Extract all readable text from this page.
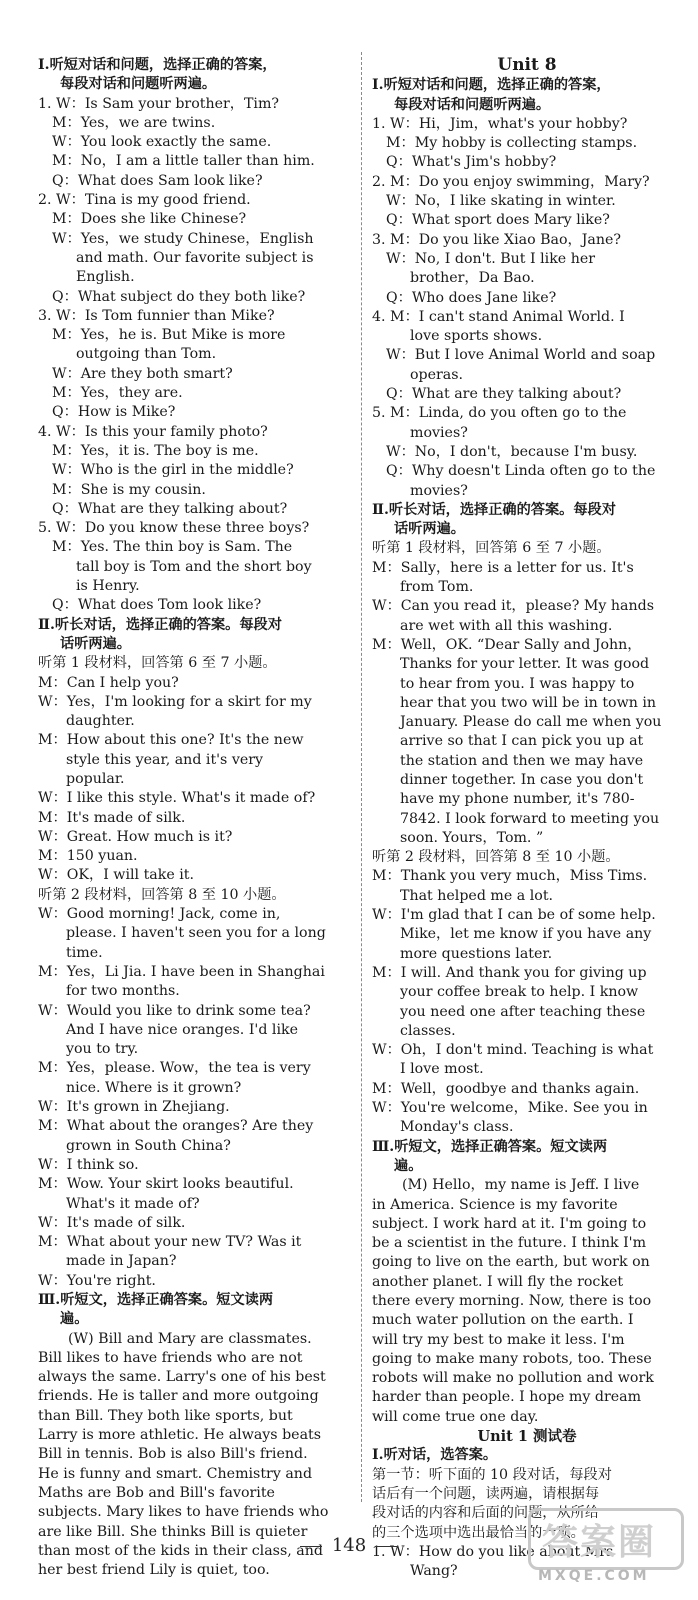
Ⅰ.听短对话和问题，选择正确的答案，
每段对话和问题听两遍。
1. W：Is Sam your brother，Tim?
M：Yes，we are twins.
W：You look exactly the same.
M：No，I am a little taller than him.
Q：What does Sam look like?
2. W：Tina is my good friend.
M：Does she like Chinese?
W：Yes，we study Chinese，English
and math. Our favorite subject is
English.
Q：What subject do they both like?
3. W：Is Tom funnier than Mike?
M：Yes，he is. But Mike is more
outgoing than Tom.
W：Are they both smart?
M：Yes，they are.
Q：How is Mike?
4. W：Is this your family photo?
M：Yes，it is. The boy is me.
W：Who is the girl in the middle?
M：She is my cousin.
Q：What are they talking about?
5. W：Do you know these three boys?
M：Yes. The thin boy is Sam. The
tall boy is Tom and the short boy
is Henry.
Q：What does Tom look like?
Ⅱ.听长对话，选择正确的答案。每段对
话听两遍。
听第 1 段材料，回答第 6 至 7 小题。
M：Can I help you?
W：Yes，I'm looking for a skirt for my
daughter.
M：How about this one? It's the new
style this year, and it's very
popular.
W：I like this style. What's it made of?
M：It's made of silk.
W：Great. How much is it?
M：150 yuan.
W：OK，I will take it.
听第 2 段材料，回答第 8 至 10 小题。
W：Good morning! Jack, come in,
please. I haven't seen you for a long
time.
M：Yes，Li Jia. I have been in Shanghai
for two months.
W：Would you like to drink some tea?
And I have nice oranges. I'd like
you to try.
M：Yes，please. Wow，the tea is very
nice. Where is it grown?
W：It's grown in Zhejiang.
M：What about the oranges? Are they
grown in South China?
W：I think so.
M：Wow. Your skirt looks beautiful.
What's it made of?
W：It's made of silk.
M：What about your new TV? Was it
made in Japan?
W：You're right.
Ⅲ.听短文，选择正确答案。短文读两
遍。
(W) Bill and Mary are classmates.
Bill likes to have friends who are not
always the same. Larry's one of his best
friends. He is taller and more outgoing
than Bill. They both like sports, but
Larry is more athletic. He always beats
Bill in tennis. Bob is also Bill's friend.
He is funny and smart. Chemistry and
Maths are Bob and Bill's favorite
subjects. Mary likes to have friends who
are like Bill. She thinks Bill is quieter
than most of the kids in their class, and
her best friend Lily is quiet, too.
Unit 8
Ⅰ.听短对话和问题，选择正确的答案，
每段对话和问题听两遍。
1. W：Hi，Jim，what's your hobby?
M：My hobby is collecting stamps.
Q：What's Jim's hobby?
2. M：Do you enjoy swimming，Mary?
W：No，I like skating in winter.
Q：What sport does Mary like?
3. M：Do you like Xiao Bao，Jane?
W：No, I don't. But I like her
brother，Da Bao.
Q：Who does Jane like?
4. M：I can't stand Animal World. I
love sports shows.
W：But I love Animal World and soap
operas.
Q：What are they talking about?
5. M：Linda, do you often go to the
movies?
W：No，I don't，because I'm busy.
Q：Why doesn't Linda often go to the
movies?
Ⅱ.听长对话，选择正确的答案。每段对
话听两遍。
听第 1 段材料，回答第 6 至 7 小题。
M：Sally，here is a letter for us. It's
from Tom.
W：Can you read it，please? My hands
are wet with all this washing.
M：Well，OK. “Dear Sally and John，
Thanks for your letter. It was good
to hear from you. I was happy to
hear that you two will be in town in
January. Please do call me when you
arrive so that I can pick you up at
the station and then we may have
dinner together. In case you don't
have my phone number, it's 780-
7842. I look forward to meeting you
soon. Yours，Tom. ”
听第 2 段材料，回答第 8 至 10 小题。
M：Thank you very much，Miss Tims.
That helped me a lot.
W：I'm glad that I can be of some help.
Mike，let me know if you have any
more questions later.
M：I will. And thank you for giving up
your coffee break to help. I know
you need one after teaching these
classes.
W：Oh，I don't mind. Teaching is what
I love most.
M：Well，goodbye and thanks again.
W：You're welcome，Mike. See you in
Monday's class.
Ⅲ.听短文，选择正确答案。短文读两
遍。
(M) Hello，my name is Jeff. I live
in America. Science is my favorite
subject. I work hard at it. I'm going to
be a scientist in the future. I think I'm
going to live on the earth, but work on
another planet. I will fly the rocket
there every morning. Now, there is too
much water pollution on the earth. I
will try my best to make it less. I'm
going to make many robots, too. These
robots will make no pollution and work
harder than people. I hope my dream
will come true one day.
Unit 1 测试卷
Ⅰ.听对话，选答案。
第一节：听下面的 10 段对话，每段对
话后有一个问题，读两遍，请根据每
段对话的内容和后面的问题，从所给
的三个选项中选出最恰当的一项。
1. W：How do you like about Mrs
Wang?
148	答案圈
MXQE.COM
